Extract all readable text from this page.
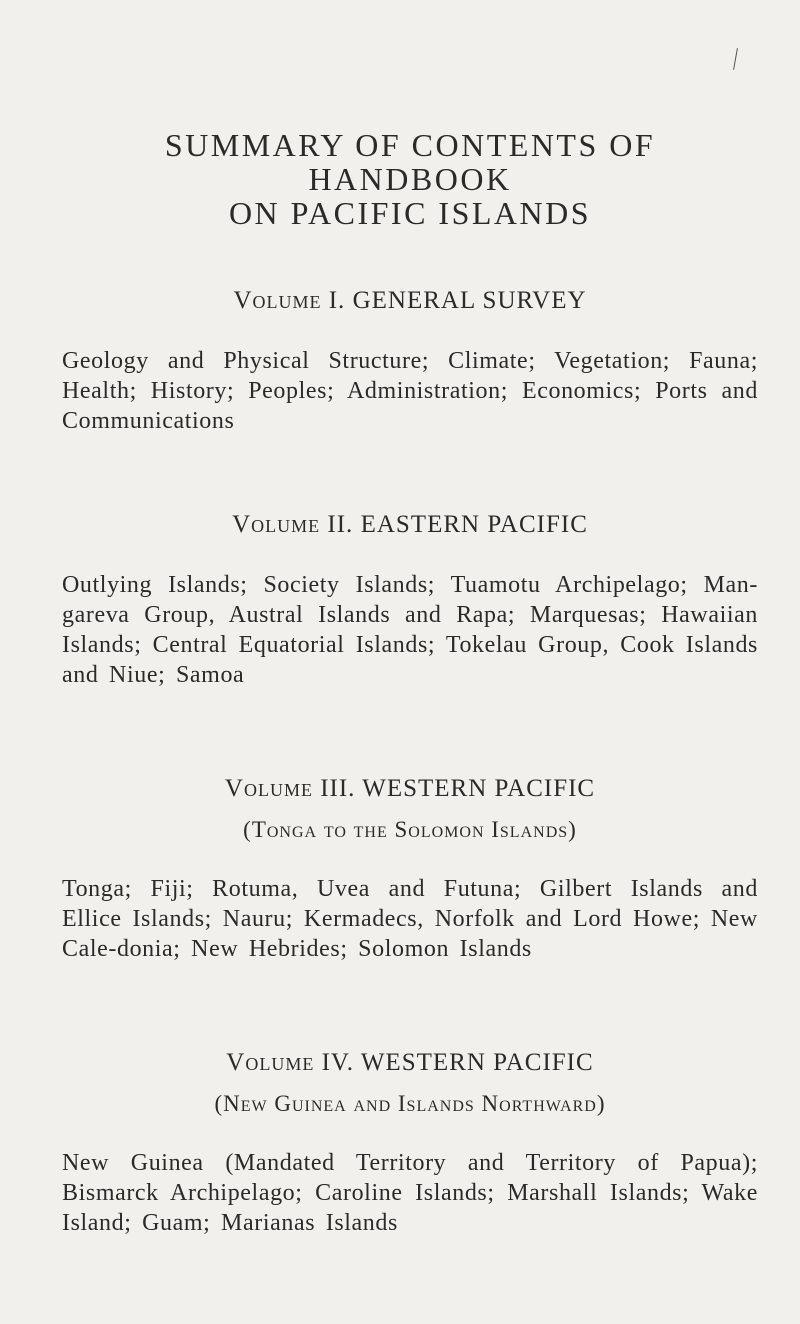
SUMMARY OF CONTENTS OF HANDBOOK
ON PACIFIC ISLANDS
Volume I. GENERAL SURVEY

Geology and Physical Structure; Climate; Vegetation; Fauna; Health; History; Peoples; Administration; Economics; Ports and Communications

Volume II. EASTERN PACIFIC

Outlying Islands; Society Islands; Tuamotu Archipelago; Man-gareva Group, Austral Islands and Rapa; Marquesas; Hawaiian Islands; Central Equatorial Islands; Tokelau Group, Cook Islands and Niue; Samoa

Volume III. WESTERN PACIFIC

(Tonga to the Solomon Islands)

Tonga; Fiji; Rotuma, Uvea and Futuna; Gilbert Islands and Ellice Islands; Nauru; Kermadecs, Norfolk and Lord Howe; New Cale-donia; New Hebrides; Solomon Islands

Volume IV. WESTERN PACIFIC

(New Guinea and Islands Northward)

New Guinea (Mandated Territory and Territory of Papua); Bismarck Archipelago; Caroline Islands; Marshall Islands; Wake Island; Guam; Marianas Islands
